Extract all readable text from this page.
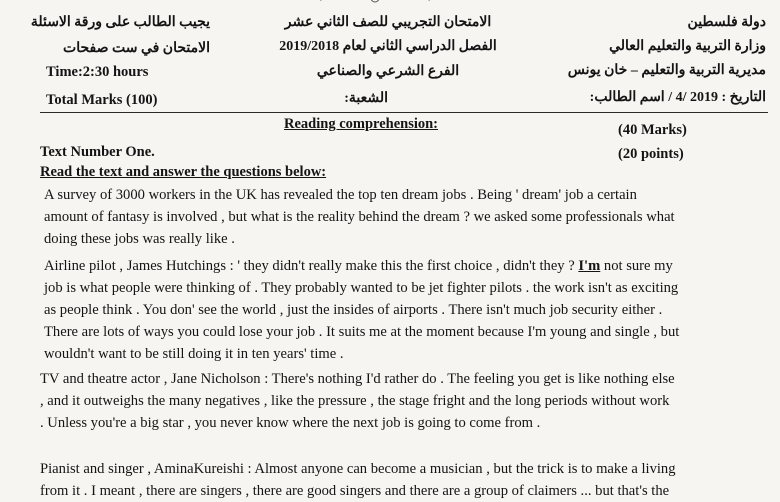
دولة فلسطين
وزارة التربية والتعليم العالي
مديرية التربية والتعليم – خان يونس
التاريخ : 2019 /4 / اسم الطالب:
الامتحان التجريبي للصف الثاني عشر
الفصل الدراسي الثاني لعام 2019/2018
الفرع الشرعي والصناعي
الشعبة:
يجيب الطالب على ورقة الاسئلة
الامتحان في ست صفحات
Time:2:30 hours
Total Marks (100)
Reading comprehension:	(40 Marks)
Text Number One.	(20 points)
Read the text and answer the questions below:
A survey of 3000 workers in the UK has revealed the top ten dream jobs . Being ' dream' job a certain
amount of fantasy is involved , but what is the reality behind the dream ? we asked some professionals what
doing these jobs was really like .
Airline pilot , James Hutchings : ' they didn't really make this the first choice , didn't they ? I'm not sure my
job is what people were thinking of . They probably wanted to be jet fighter pilots . the work isn't as exciting
as people think . You don' see the world , just the insides of airports . There isn't much job security either .
There are lots of ways you could lose your job . It suits me at the moment because I'm young and single , but
wouldn't want to be still doing it in ten years' time .
TV and theatre actor , Jane Nicholson : There's nothing I'd rather do . The feeling you get is like nothing else
, and it outweighs the many negatives , like the pressure , the stage fright and the long periods without work
. Unless you're a big star , you never know where the next job is going to come from .
Pianist and singer , AminaKureishi : Almost anyone can become a musician , but the trick is to make a living
from it . I meant , there are singers , there are good singers and there are a group of claimers ... but that's the
